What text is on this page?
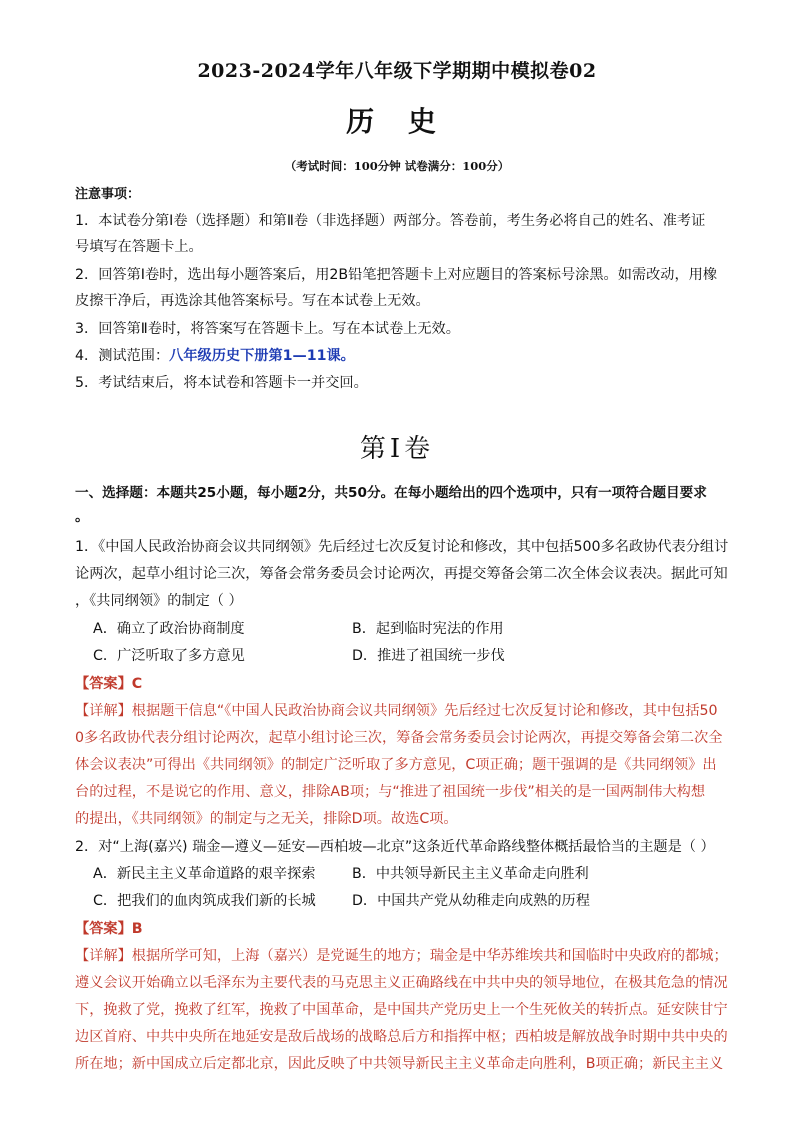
2023-2024学年八年级下学期期中模拟卷02
历 史
（考试时间：100分钟 试卷满分：100分）
注意事项：
1．本试卷分第Ⅰ卷（选择题）和第Ⅱ卷（非选择题）两部分。答卷前，考生务必将自己的姓名、准考证
号填写在答题卡上。
2．回答第Ⅰ卷时，选出每小题答案后，用2B铅笔把答题卡上对应题目的答案标号涂黑。如需改动，用橡
皮擦干净后，再选涂其他答案标号。写在本试卷上无效。
3．回答第Ⅱ卷时，将答案写在答题卡上。写在本试卷上无效。
4．测试范围：八年级历史下册第1—11课。
5．考试结束后，将本试卷和答题卡一并交回。
第Ⅰ卷
一、选择题：本题共25小题，每小题2分，共50分。在每小题给出的四个选项中，只有一项符合题目要求
。
1．《中国人民政治协商会议共同纲领》先后经过七次反复讨论和修改，其中包括500多名政协代表分组讨
论两次，起草小组讨论三次，筹备会常务委员会讨论两次，再提交筹备会第二次全体会议表决。据此可知
，《共同纲领》的制定（ ）
A．确立了政治协商制度	B．起到临时宪法的作用
C．广泛听取了多方意见	D．推进了祖国统一步伐
【答案】C
【详解】根据题干信息“《中国人民政治协商会议共同纲领》先后经过七次反复讨论和修改，其中包括50
0多名政协代表分组讨论两次，起草小组讨论三次，筹备会常务委员会讨论两次，再提交筹备会第二次全
体会议表决”可得出《共同纲领》的制定广泛听取了多方意见，C项正确；题干强调的是《共同纲领》出
台的过程，不是说它的作用、意义，排除AB项；与“推进了祖国统一步伐”相关的是一国两制伟大构想
的提出，《共同纲领》的制定与之无关，排除D项。故选C项。
2．对“上海(嘉兴) 瑞金—遵义—延安—西柏坡—北京”这条近代革命路线整体概括最恰当的主题是（ ）
A．新民主主义革命道路的艰辛探索	B．中共领导新民主主义革命走向胜利
C．把我们的血肉筑成我们新的长城	D．中国共产党从幼稚走向成熟的历程
【答案】B
【详解】根据所学可知，上海（嘉兴）是党诞生的地方；瑞金是中华苏维埃共和国临时中央政府的都城；
遵义会议开始确立以毛泽东为主要代表的马克思主义正确路线在中共中央的领导地位，在极其危急的情况
下，挽救了党，挽救了红军，挽救了中国革命，是中国共产党历史上一个生死攸关的转折点。延安陕甘宁
边区首府、中共中央所在地延安是敌后战场的战略总后方和指挥中枢；西柏坡是解放战争时期中共中央的
所在地；新中国成立后定都北京，因此反映了中共领导新民主主义革命走向胜利，B项正确；新民主主义
